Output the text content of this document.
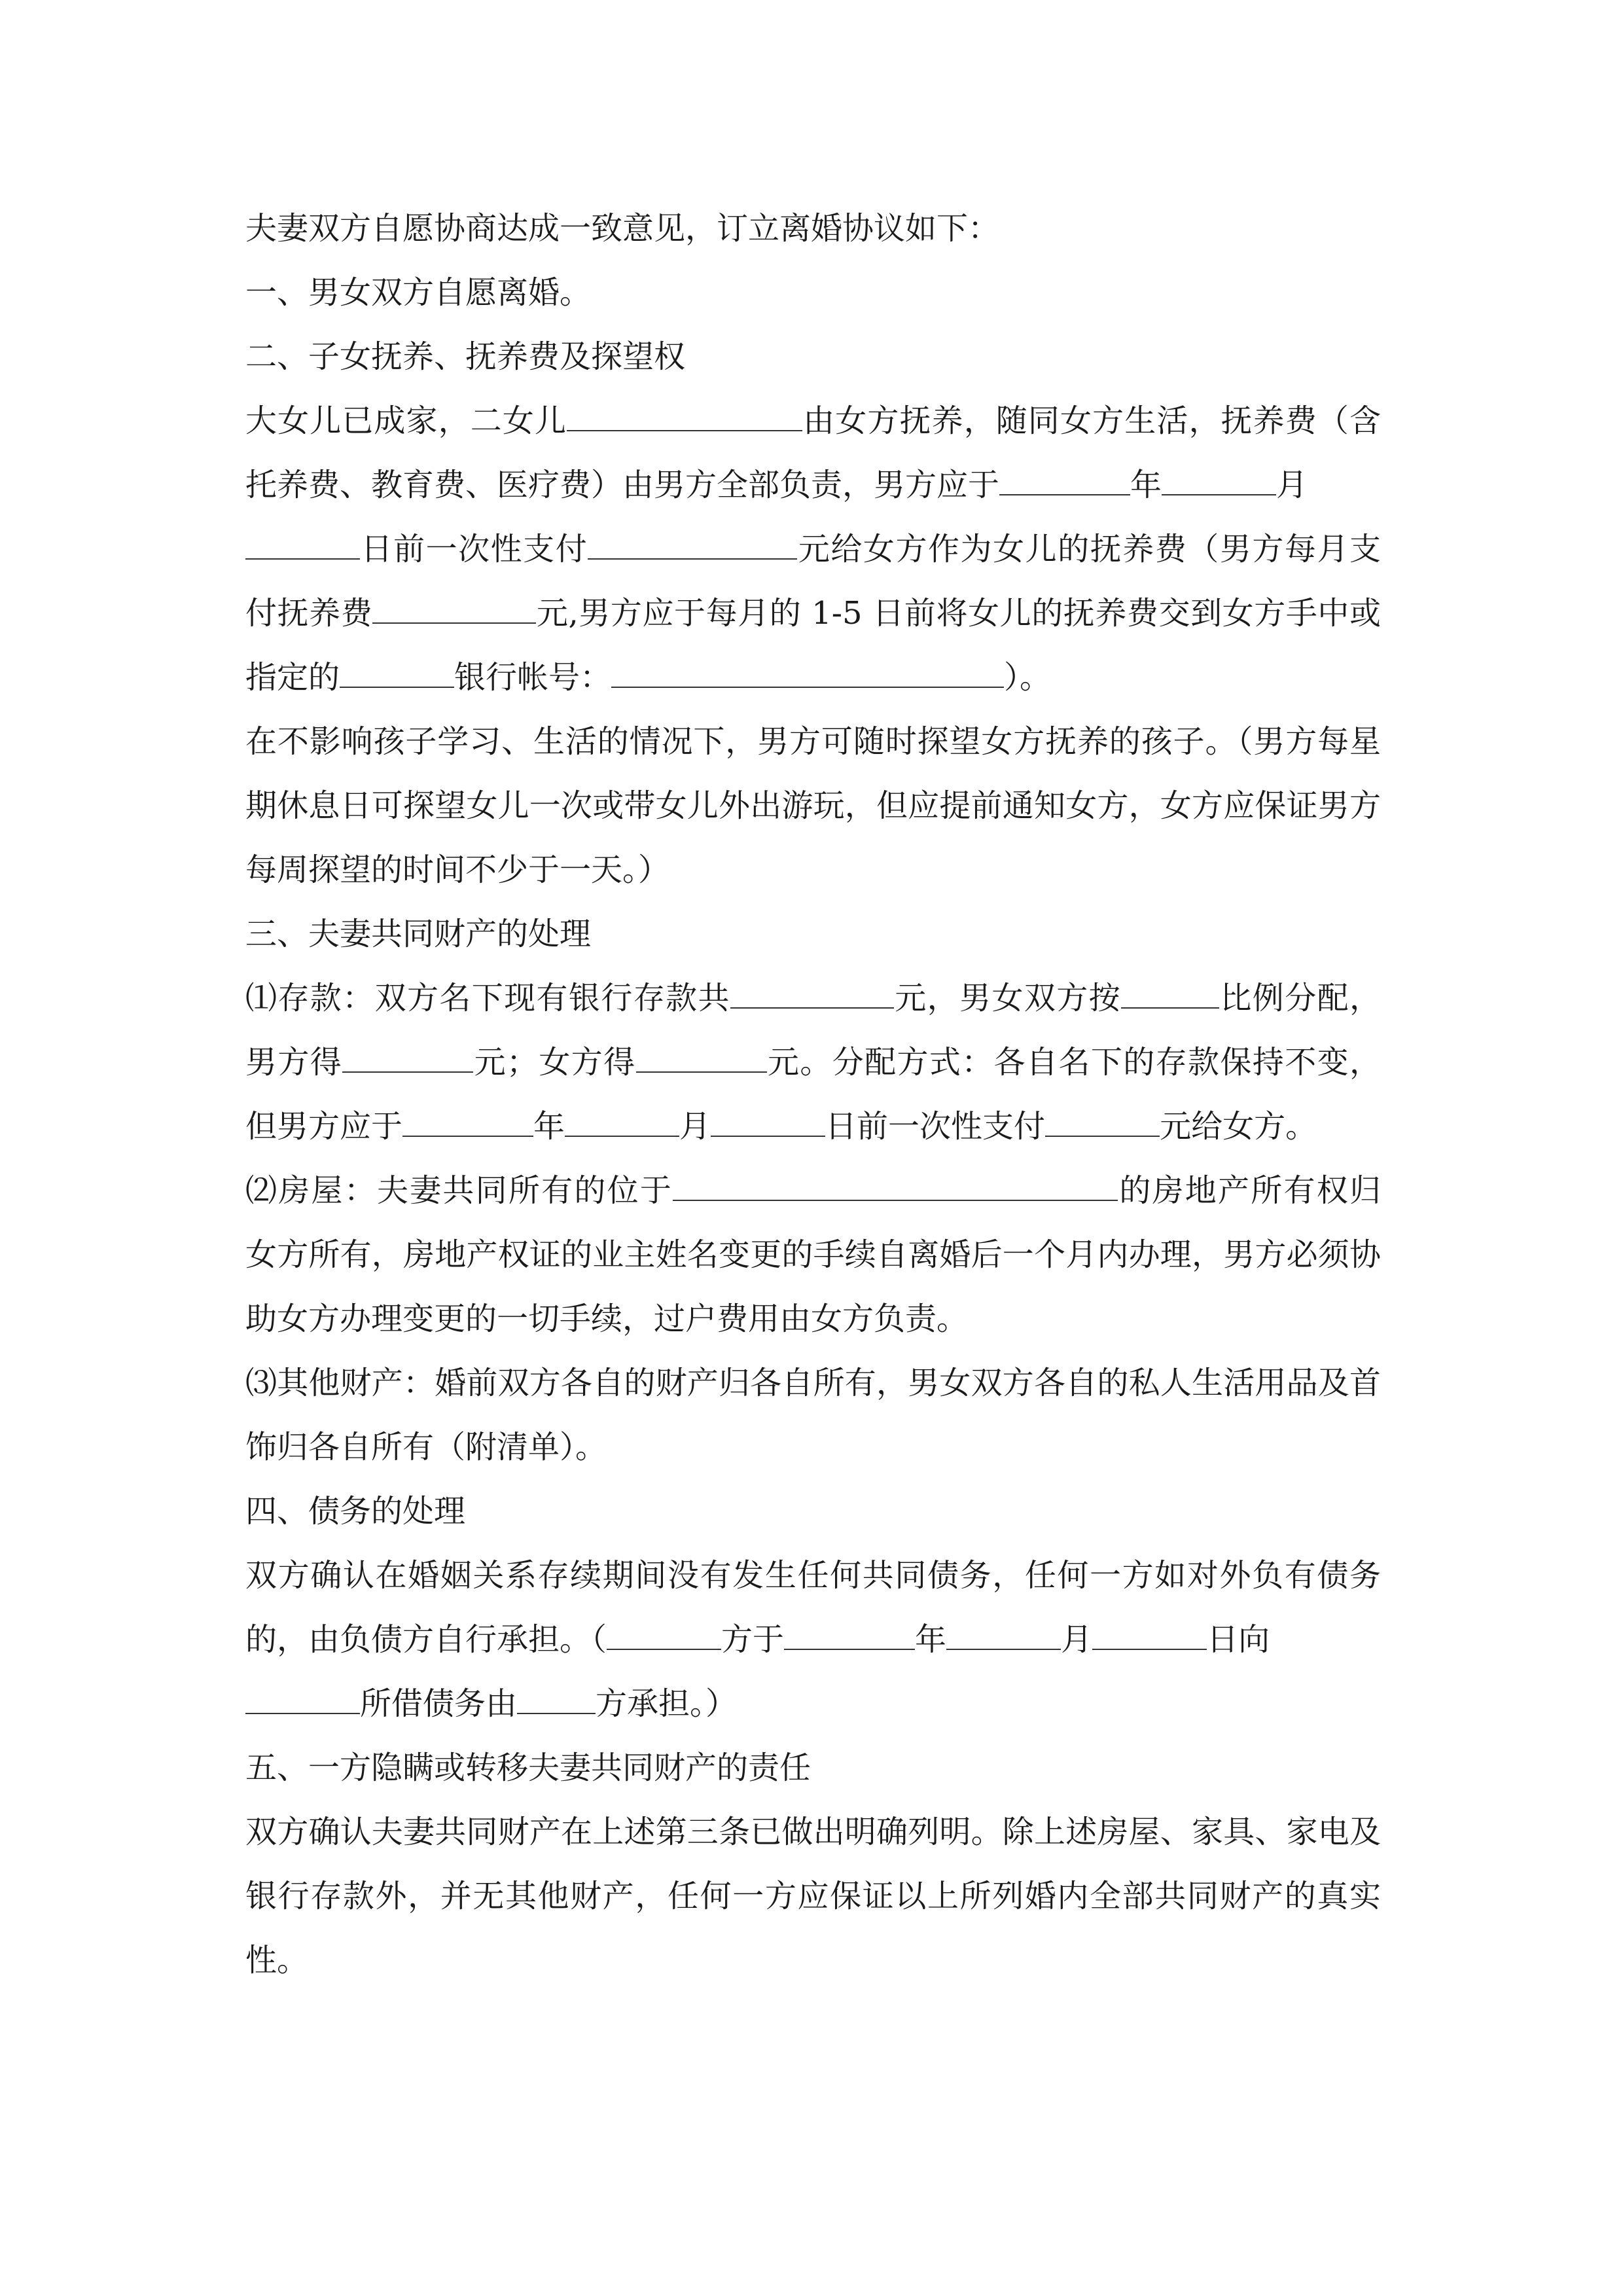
夫妻双方自愿协商达成一致意见，订立离婚协议如下：

一、男女双方自愿离婚。

二、子女抚养、抚养费及探望权

大女儿已成家，二女儿	由女方抚养，随同女方生活，抚养费（含托养费、教育费、医疗费）由男方全部负责，男方应于	年	月
日前一次性支付	元给女方作为女儿的抚养费（男方每月支付抚养费	元,男方应于每月的 1-5 日前将女儿的抚养费交到女方手中或指定的	银行帐号：	）。

在不影响孩子学习、生活的情况下，男方可随时探望女方抚养的孩子。（男方每星期休息日可探望女儿一次或带女儿外出游玩，但应提前通知女方，女方应保证男方每周探望的时间不少于一天。）

三、夫妻共同财产的处理

⑴存款：双方名下现有银行存款共	元，男女双方按	比例分配，男方得	元；女方得	元。分配方式：各自名下的存款保持不变，但男方应于	年	月	日前一次性支付	元给女方。

⑵房屋：夫妻共同所有的位于	的房地产所有权归女方所有，房地产权证的业主姓名变更的手续自离婚后一个月内办理，男方必须协助女方办理变更的一切手续，过户费用由女方负责。

⑶其他财产：婚前双方各自的财产归各自所有，男女双方各自的私人生活用品及首饰归各自所有（附清单）。

四、债务的处理

双方确认在婚姻关系存续期间没有发生任何共同债务，任何一方如对外负有债务的，由负债方自行承担。（	方于	年	月	日向
所借债务由	方承担。）

五、一方隐瞒或转移夫妻共同财产的责任

双方确认夫妻共同财产在上述第三条已做出明确列明。除上述房屋、家具、家电及银行存款外，并无其他财产，任何一方应保证以上所列婚内全部共同财产的真实性。
